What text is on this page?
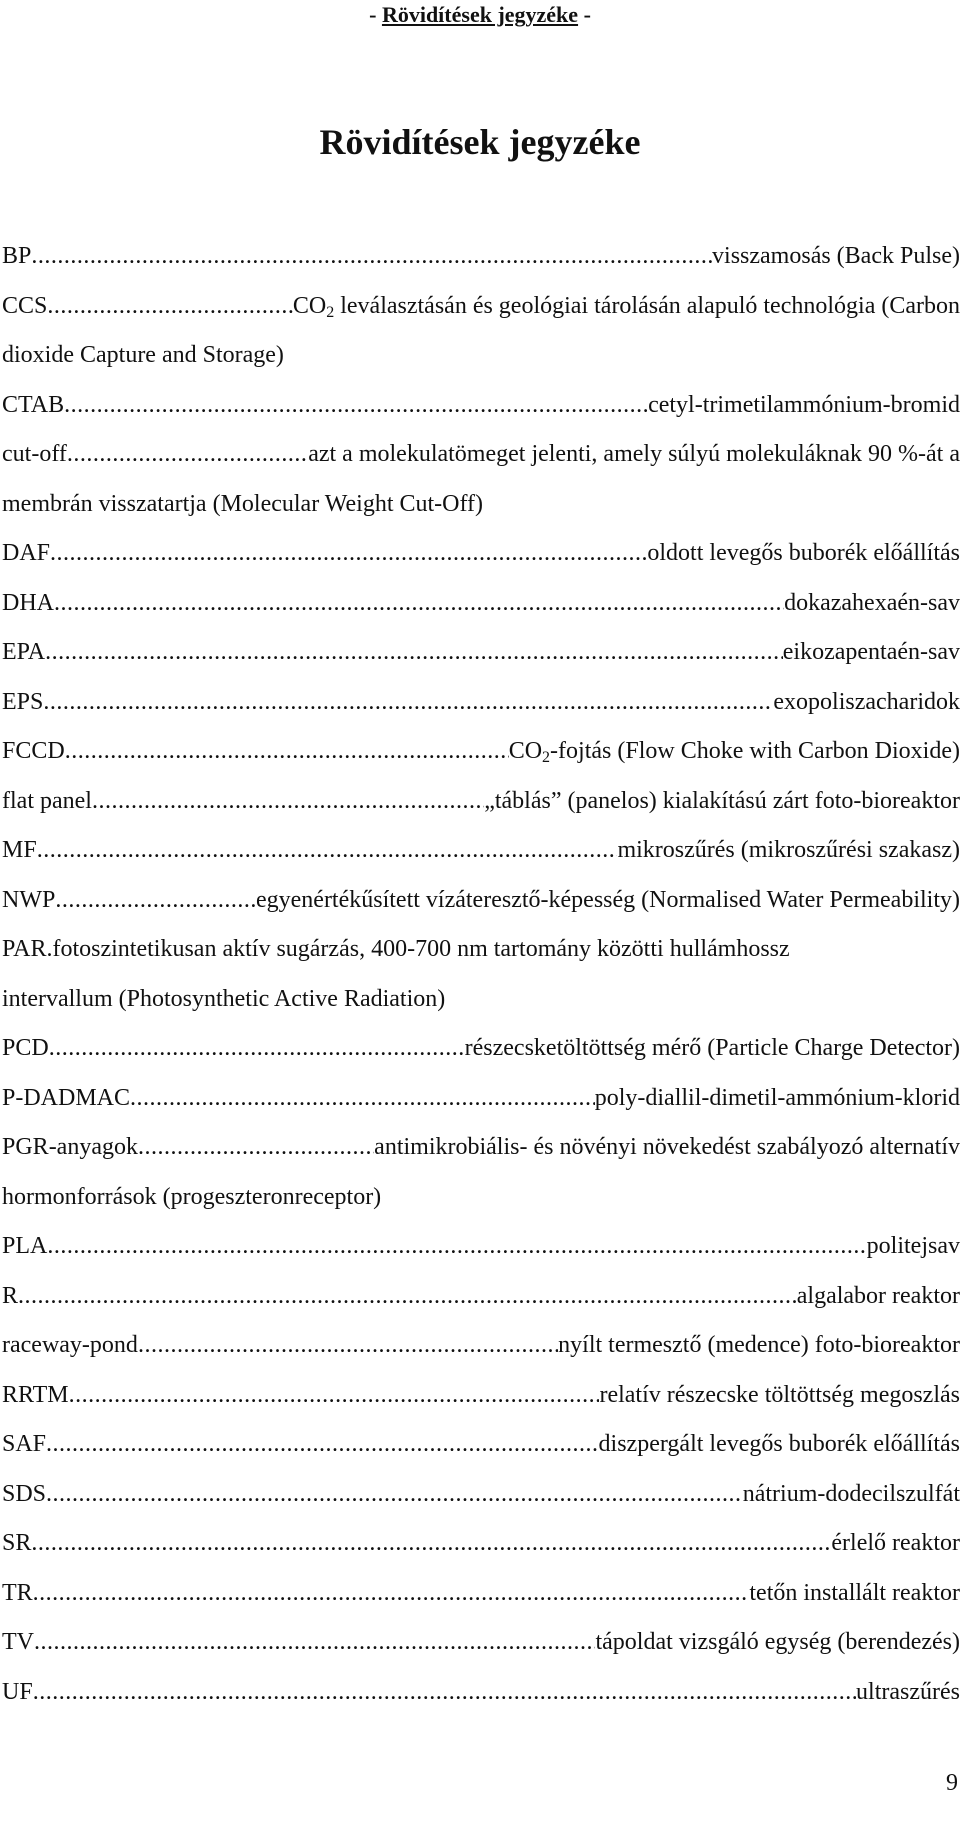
- Rövidítések jegyzéke -
Rövidítések jegyzéke
BP .....	visszamosás (Back Pulse)
CCS .....	$CO_2$ leválasztásán és geológiai tárolásán alapuló technológia (Carbon
dioxide Capture and Storage)
CTAB .....	cetyl-trimetilammónium-bromid
cut-off .....	azt a molekulatömeget jelenti, amely súlyú molekuláknak 90 %-át a
membrán visszatartja (Molecular Weight Cut-Off)
DAF .....	oldott levegős buborék előállítás
DHA .....	dokazahexaén-sav
EPA .....	eikozapentaén-sav
EPS .....	exopoliszacharidok
FCCD .....	$CO_2$-fojtás (Flow Choke with Carbon Dioxide)
flat panel .....	„táblás” (panelos) kialakítású zárt foto-bioreaktor
MF .....	mikroszűrés (mikroszűrési szakasz)
NWP .....	egyenértékűsített vízáteresztő-képesség (Normalised Water Permeability)
PAR .fotoszintetikusan aktív sugárzás, 400-700 nm tartomány közötti hullámhossz
intervallum (Photosynthetic Active Radiation)
PCD .....	részecsketöltöttség mérő (Particle Charge Detector)
P-DADMAC .....	poly-diallil-dimetil-ammónium-klorid
PGR-anyagok .....	antimikrobiális- és növényi növekedést szabályozó alternatív
hormonforrások (progeszteronreceptor)
PLA .....	politejsav
R .....	algalabor reaktor
raceway-pond .....	nyílt termesztő (medence) foto-bioreaktor
RRTM .....	relatív részecske töltöttség megoszlás
SAF .....	diszpergált levegős buborék előállítás
SDS .....	nátrium-dodecilszulfát
SR .....	érlelő reaktor
TR .....	tetőn installált reaktor
TV .....	tápoldat vizsgáló egység (berendezés)
UF .....	ultraszűrés
9
